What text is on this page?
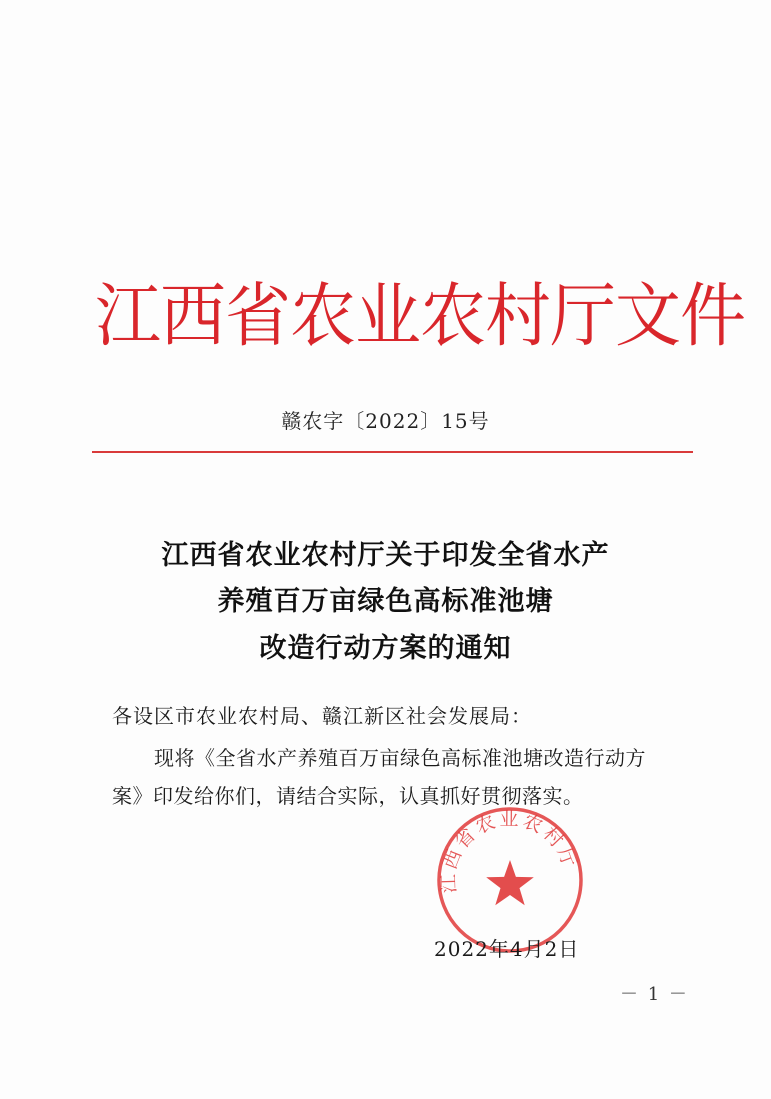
江西省农业农村厅文件
赣农字〔2022〕15号
江西省农业农村厅关于印发全省水产
养殖百万亩绿色高标准池塘
改造行动方案的通知
各设区市农业农村局、赣江新区社会发展局：
现将《全省水产养殖百万亩绿色高标准池塘改造行动方案》印发给你们，请结合实际，认真抓好贯彻落实。
江西省农业农村厅
2022年4月2日
－ 1 －
